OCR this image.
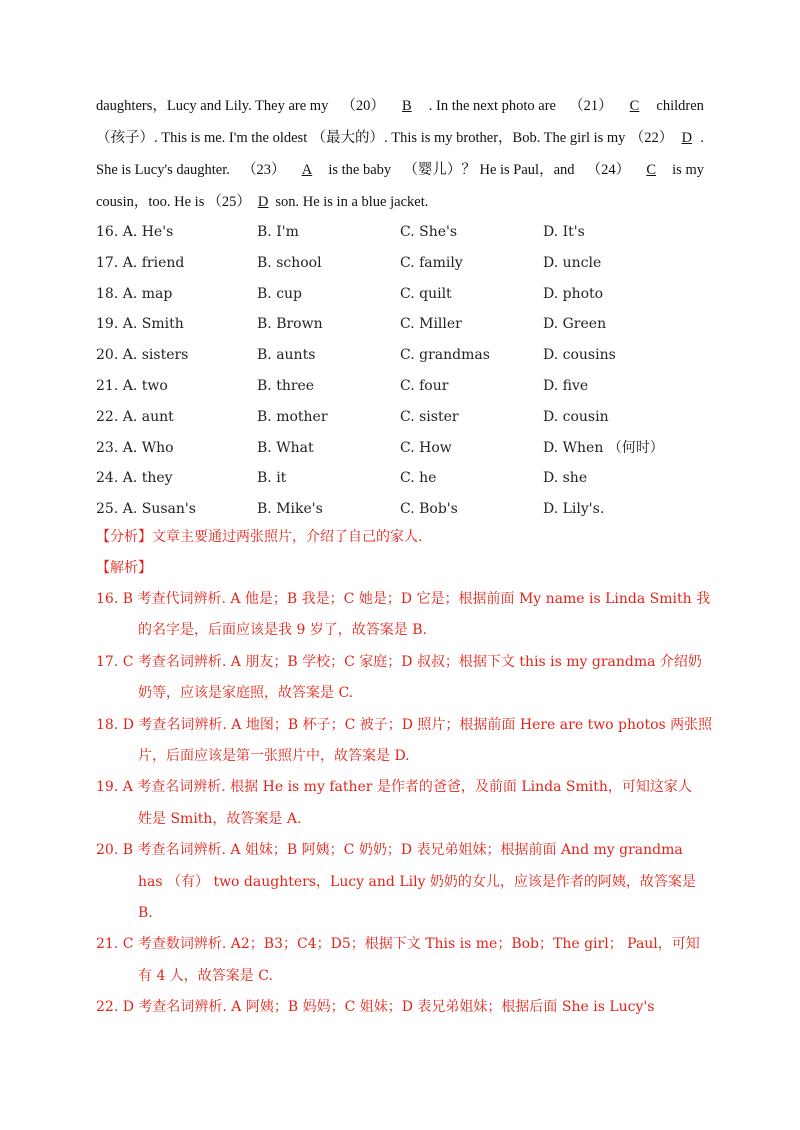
daughters，Lucy and Lily. They are my （20） B . In the next photo are （21） C children
（孩子）. This is me. I'm the oldest （最大的）. This is my brother，Bob. The girl is my （22） D .
She is Lucy's daughter. （23） A is the baby （婴儿）？ He is Paul，and （24） C is my
cousin，too. He is （25） D son. He is in a blue jacket.
16. A. He's	B. I'm	C. She's	D. It's
17. A. friend	B. school	C. family	D. uncle
18. A. map	B. cup	C. quilt	D. photo
19. A. Smith	B. Brown	C. Miller	D. Green
20. A. sisters	B. aunts	C. grandmas	D. cousins
21. A. two	B. three	C. four	D. five
22. A. aunt	B. mother	C. sister	D. cousin
23. A. Who	B. What	C. How	D. When （何时）
24. A. they	B. it	C. he	D. she
25. A. Susan's	B. Mike's	C. Bob's	D. Lily's.
【分析】文章主要通过两张照片，介绍了自己的家人.
【解析】
16. B 考查代词辨析. A 他是；B 我是；C 她是；D 它是；根据前面 My name is Linda Smith 我
的名字是，后面应该是我 9 岁了，故答案是 B.
17. C 考查名词辨析. A 朋友；B 学校；C 家庭；D 叔叔；根据下文 this is my grandma 介绍奶
奶等，应该是家庭照，故答案是 C.
18. D 考查名词辨析. A 地图；B 杯子；C 被子；D 照片；根据前面 Here are two photos 两张照
片，后面应该是第一张照片中，故答案是 D.
19. A 考查名词辨析. 根据 He is my father 是作者的爸爸，及前面 Linda Smith，可知这家人
姓是 Smith，故答案是 A.
20. B 考查名词辨析. A 姐妹；B 阿姨；C 奶奶；D 表兄弟姐妹；根据前面 And my grandma
has （有） two daughters，Lucy and Lily 奶奶的女儿，应该是作者的阿姨，故答案是
B.
21. C 考查数词辨析. A2；B3；C4；D5；根据下文 This is me；Bob；The girl； Paul，可知
有 4 人，故答案是 C.
22. D 考查名词辨析. A 阿姨；B 妈妈；C 姐妹；D 表兄弟姐妹；根据后面 She is Lucy's
